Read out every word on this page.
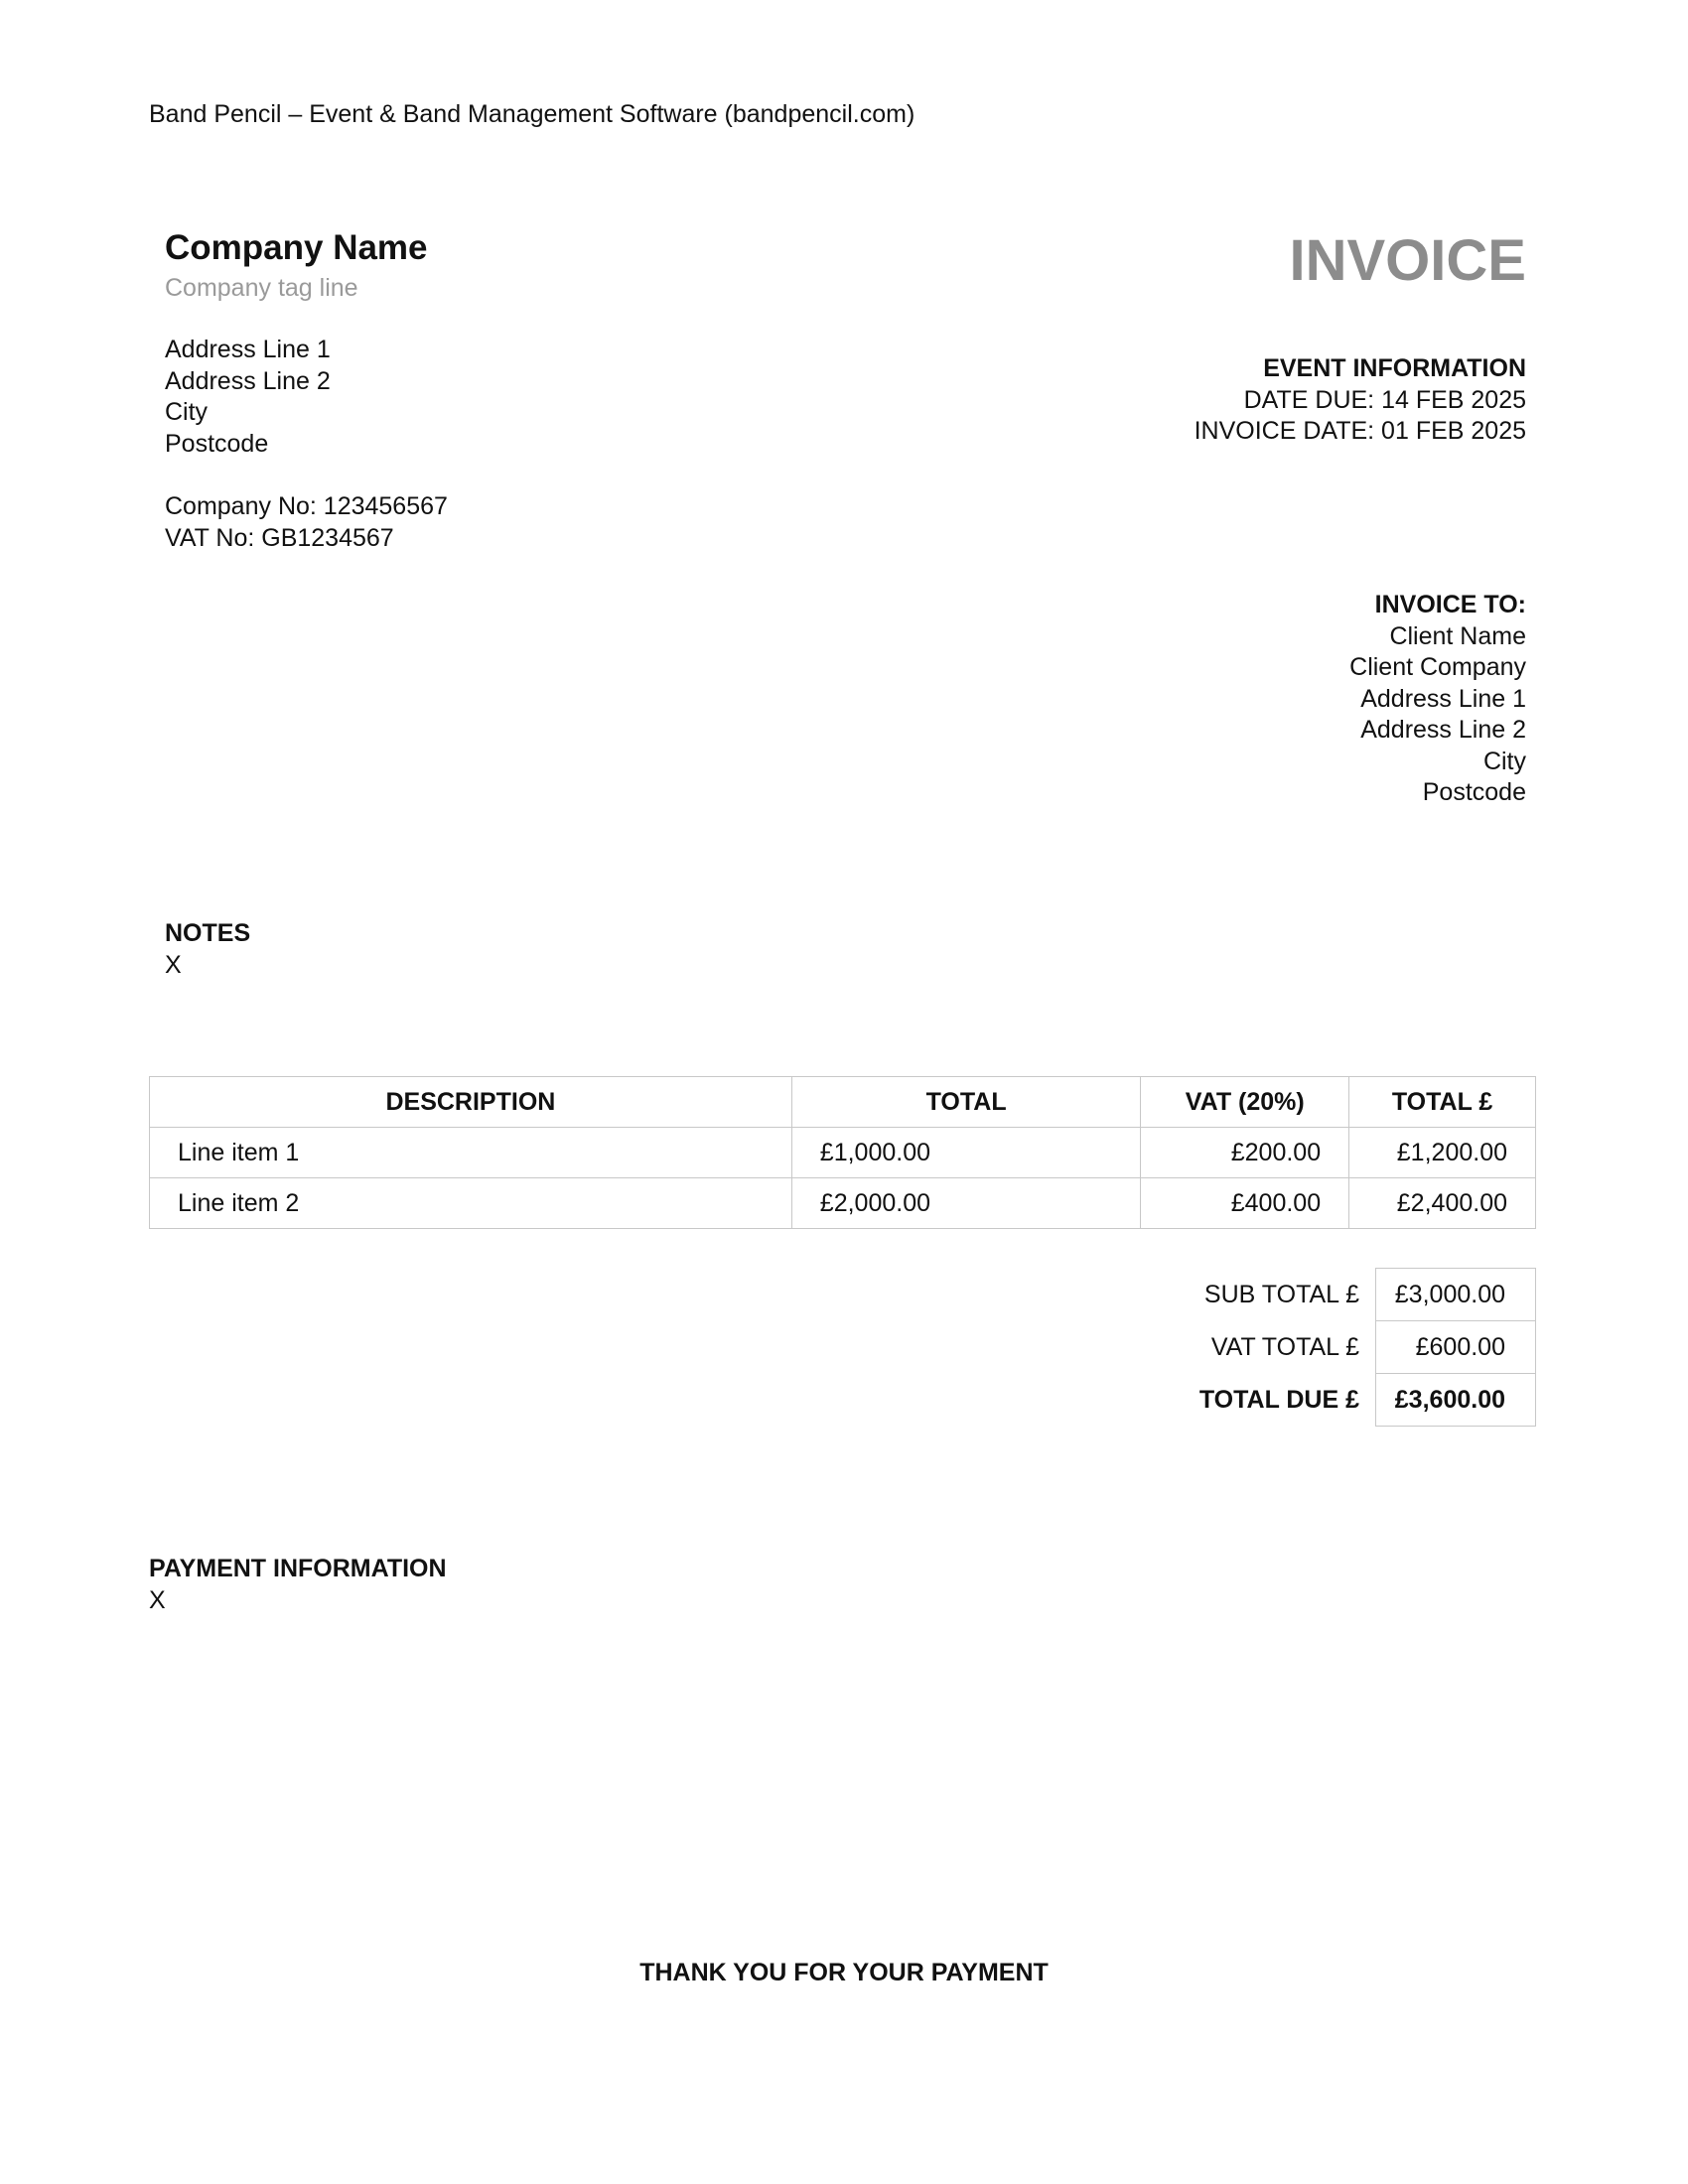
Band Pencil – Event & Band Management Software (bandpencil.com)
Company Name
Company tag line
Address Line 1
Address Line 2
City
Postcode
Company No: 123456567
VAT No: GB1234567
INVOICE
EVENT INFORMATION
DATE DUE: 14 FEB 2025
INVOICE DATE: 01 FEB 2025
INVOICE TO:
Client Name
Client Company
Address Line 1
Address Line 2
City
Postcode
NOTES
X
DESCRIPTION	TOTAL	VAT (20%)	TOTAL £
Line item 1	£1,000.00	£200.00	£1,200.00
Line item 2	£2,000.00	£400.00	£2,400.00
SUB TOTAL £	£3,000.00
VAT TOTAL £	£600.00
TOTAL DUE £	£3,600.00
PAYMENT INFORMATION
X
THANK YOU FOR YOUR PAYMENT
